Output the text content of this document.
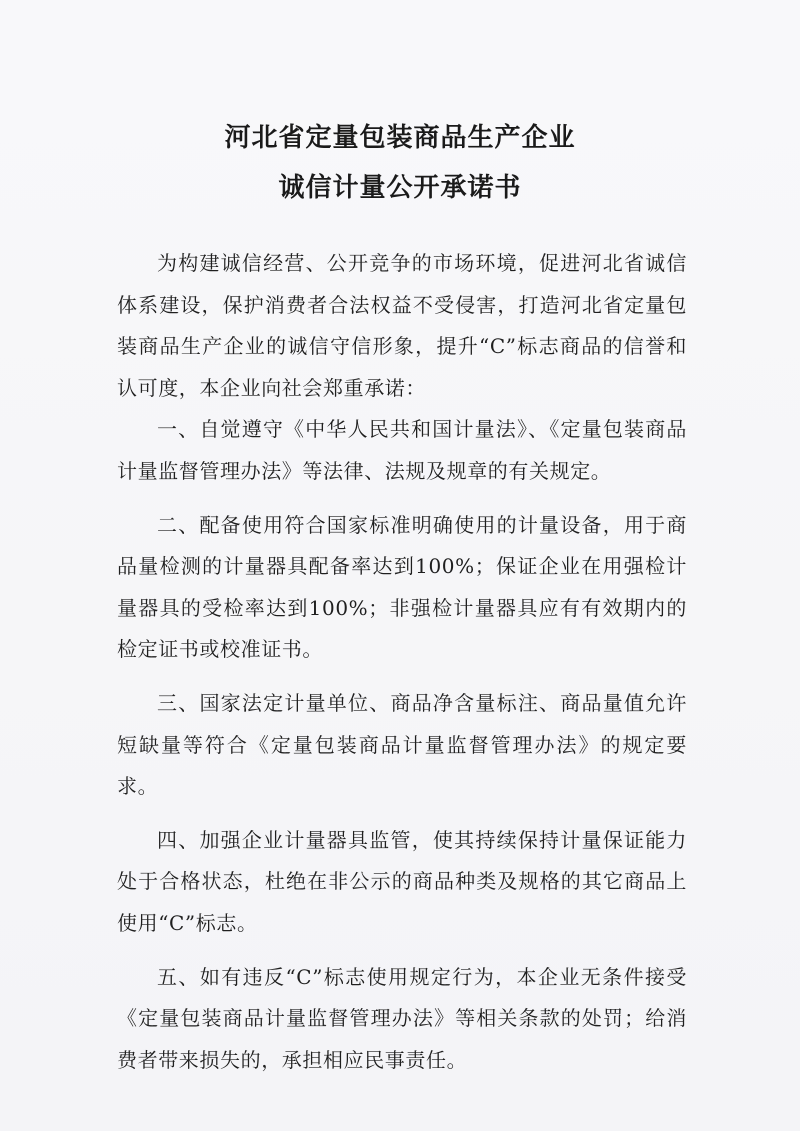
河北省定量包装商品生产企业
诚信计量公开承诺书

为构建诚信经营、公开竞争的市场环境，促进河北省诚信体系建设，保护消费者合法权益不受侵害，打造河北省定量包装商品生产企业的诚信守信形象，提升“C”标志商品的信誉和认可度，本企业向社会郑重承诺：

一、自觉遵守《中华人民共和国计量法》、《定量包装商品计量监督管理办法》等法律、法规及规章的有关规定。

二、配备使用符合国家标准明确使用的计量设备，用于商品量检测的计量器具配备率达到100%；保证企业在用强检计量器具的受检率达到100%；非强检计量器具应有有效期内的检定证书或校准证书。

三、国家法定计量单位、商品净含量标注、商品量值允许短缺量等符合《定量包装商品计量监督管理办法》的规定要求。

四、加强企业计量器具监管，使其持续保持计量保证能力处于合格状态，杜绝在非公示的商品种类及规格的其它商品上使用“C”标志。

五、如有违反“C”标志使用规定行为，本企业无条件接受《定量包装商品计量监督管理办法》等相关条款的处罚；给消费者带来损失的，承担相应民事责任。
